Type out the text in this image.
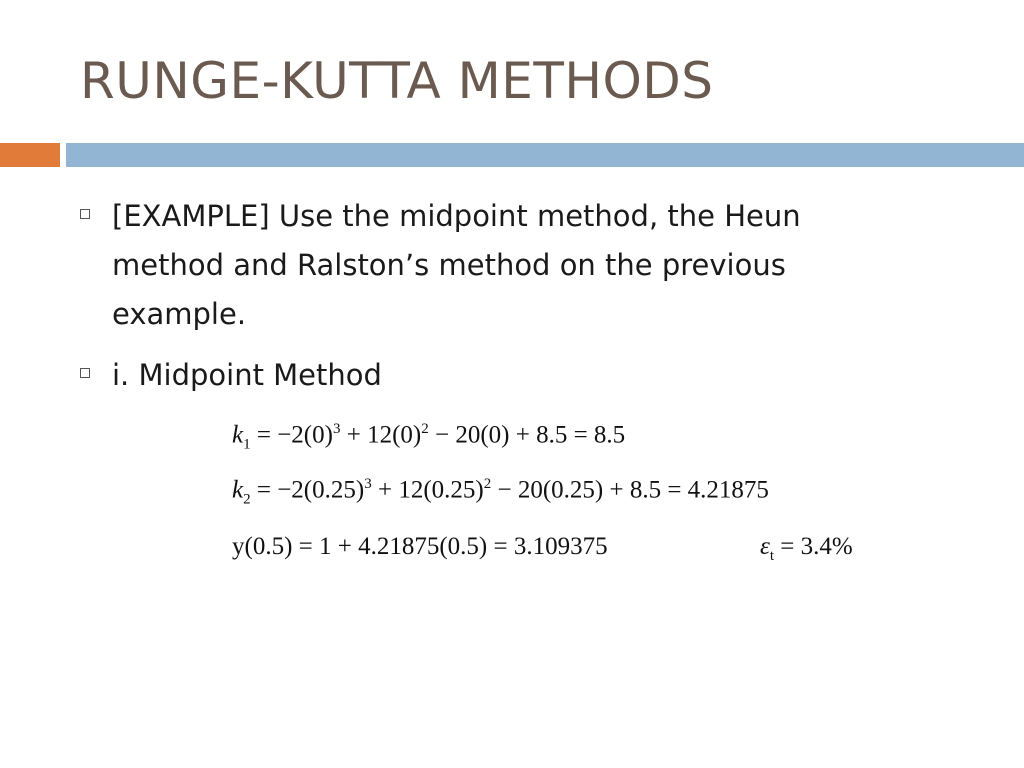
RUNGE-KUTTA METHODS
[EXAMPLE] Use the midpoint method, the Heun method and Ralston’s method on the previous example.
i. Midpoint Method
$k_1 = -2(0)^3 + 12(0)^2 - 20(0) + 8.5 = 8.5$
$k_2 = -2(0.25)^3 + 12(0.25)^2 - 20(0.25) + 8.5 = 4.21875$
y(0.5) = 1 + 4.21875(0.5) = 3.109375	$\varepsilon_t = 3.4\%$
